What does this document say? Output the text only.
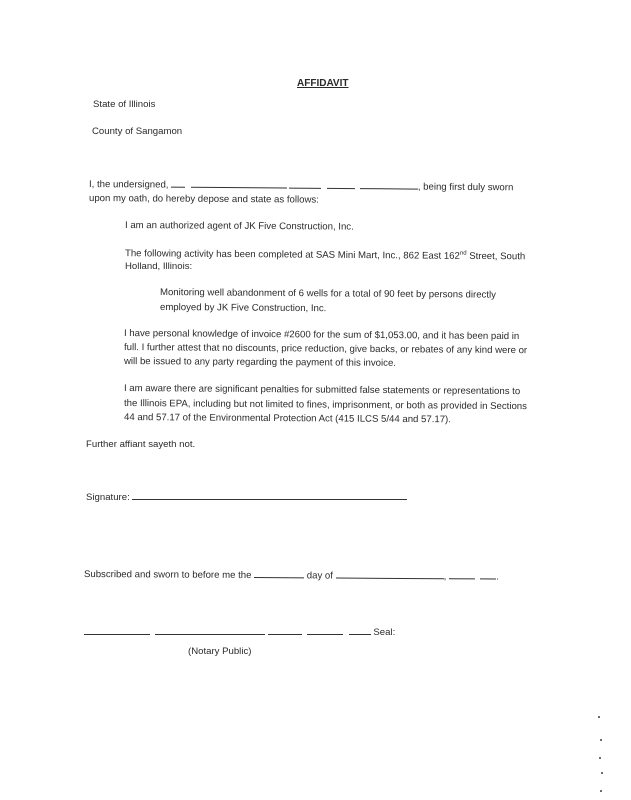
AFFIDAVIT
State of Illinois
County of Sangamon
I, the undersigned,	, being first duly sworn
upon my oath, do hereby depose and state as follows:
I am an authorized agent of JK Five Construction, Inc.
The following activity has been completed at SAS Mini Mart, Inc., 862 East 162nd Street, South
Holland, Illinois:
Monitoring well abandonment of 6 wells for a total of 90 feet by persons directly
employed by JK Five Construction, Inc.
I have personal knowledge of invoice #2600 for the sum of $1,053.00, and it has been paid in
full. I further attest that no discounts, price reduction, give backs, or rebates of any kind were or
will be issued to any party regarding the payment of this invoice.
I am aware there are significant penalties for submitted false statements or representations to
the Illinois EPA, including but not limited to fines, imprisonment, or both as provided in Sections
44 and 57.17 of the Environmental Protection Act (415 ILCS 5/44 and 57.17).
Further affiant sayeth not.
Signature:
Subscribed and sworn to before me the	day of	,	.
Seal:
(Notary Public)
